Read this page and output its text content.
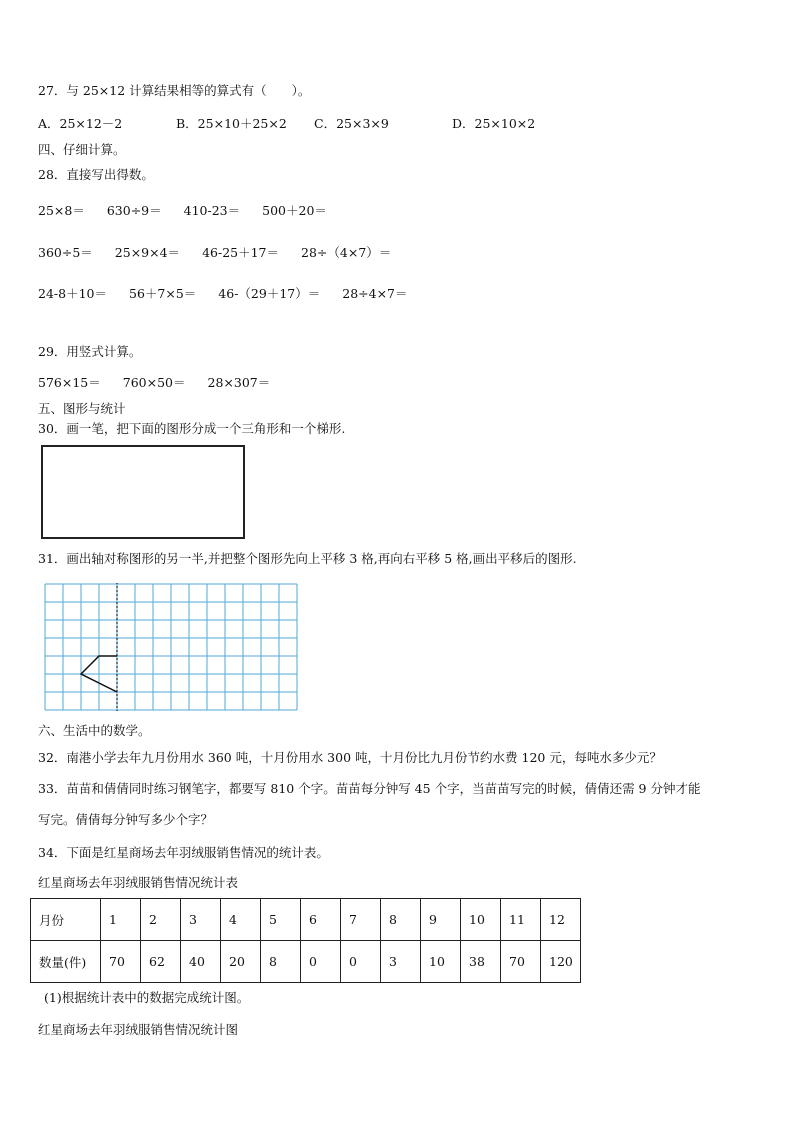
27．与 25×12 计算结果相等的算式有（　　）。
A．25×12－2	B．25×10＋25×2 C．25×3×9	D．25×10×2
四、仔细计算。
28．直接写出得数。
25×8＝ 630÷9＝ 410-23＝ 500＋20＝
360÷5＝ 25×9×4＝ 46-25＋17＝ 28÷（4×7）＝
24-8＋10＝ 56＋7×5＝ 46-（29＋17）＝ 28÷4×7＝
29．用竖式计算。
576×15＝ 760×50＝ 28×307＝
五、图形与统计
30．画一笔，把下面的图形分成一个三角形和一个梯形.
31．画出轴对称图形的另一半,并把整个图形先向上平移 3 格,再向右平移 5 格,画出平移后的图形.
六、生活中的数学。
32．南港小学去年九月份用水 360 吨，十月份用水 300 吨，十月份比九月份节约水费 120 元，每吨水多少元？
33．苗苗和倩倩同时练习钢笔字，都要写 810 个字。苗苗每分钟写 45 个字，当苗苗写完的时候，倩倩还需 9 分钟才能
写完。倩倩每分钟写多少个字？
34．下面是红星商场去年羽绒服销售情况的统计表。
红星商场去年羽绒服销售情况统计表
月份	1	2	3	4	5	6	7	8	9	10	11	12
数量(件)	70	62	40	20	8	0	0	3	10	38	70	120
(1)根据统计表中的数据完成统计图。
红星商场去年羽绒服销售情况统计图
